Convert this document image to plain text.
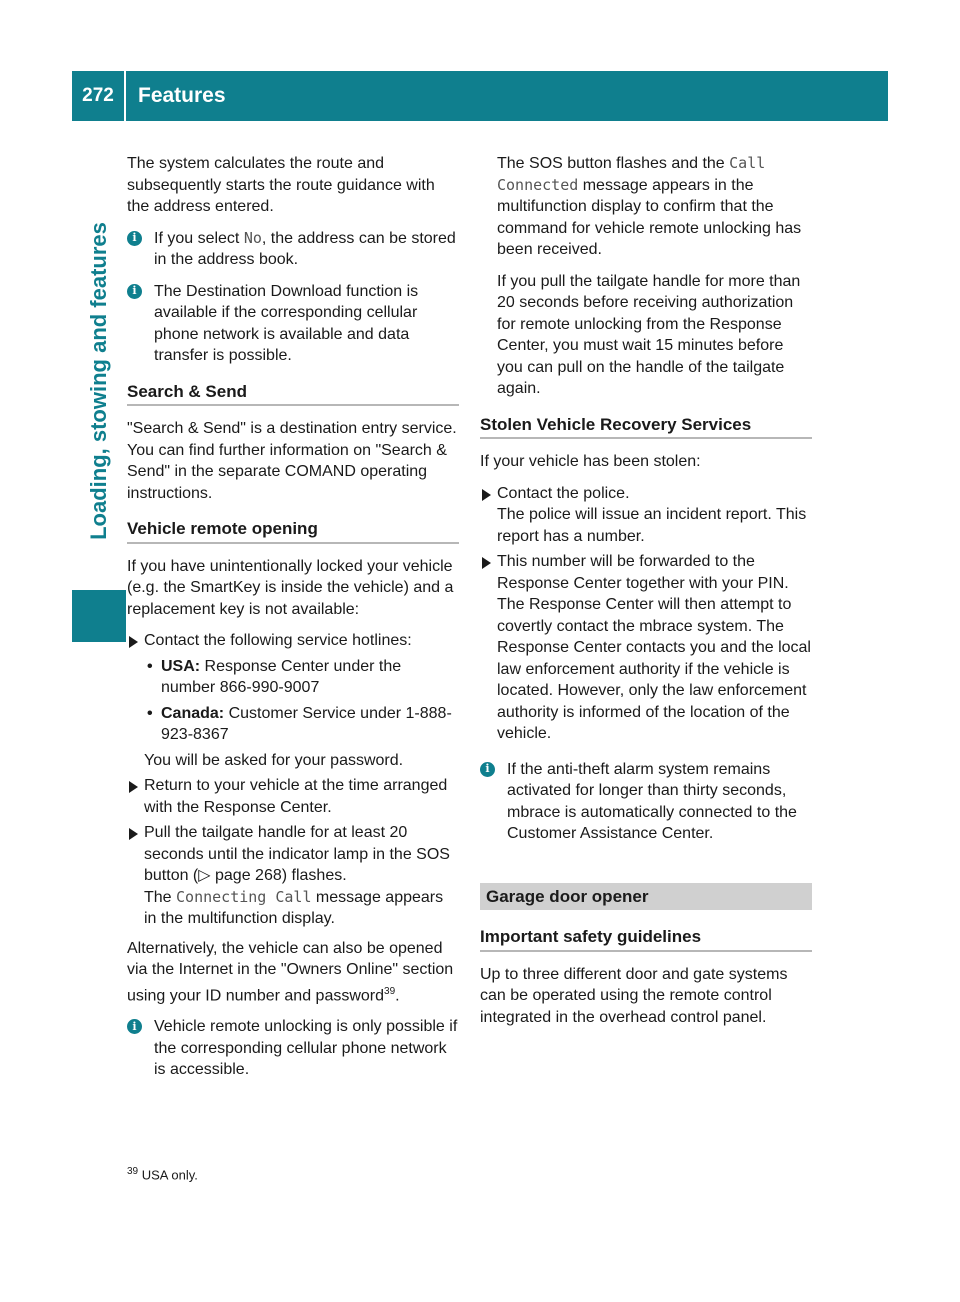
272	Features
Loading, stowing and features

The system calculates the route and subsequently starts the route guidance with the address entered.

i	If you select No, the address can be stored in the address book.
i	The Destination Download function is available if the corresponding cellular phone network is available and data transfer is possible.
Search & Send

"Search & Send" is a destination entry service. You can find further information on "Search & Send" in the separate COMAND operating instructions.

Vehicle remote opening

If you have unintentionally locked your vehicle (e.g. the SmartKey is inside the vehicle) and a replacement key is not available:

Contact the following service hotlines:
• USA: Response Center under the number 866-990-9007
• Canada: Customer Service under 1-888-923-8367
You will be asked for your password.
Return to your vehicle at the time arranged with the Response Center.
Pull the tailgate handle for at least 20 seconds until the indicator lamp in the SOS button (▷ page 268) flashes.
The Connecting Call message appears in the multifunction display.

Alternatively, the vehicle can also be opened via the Internet in the "Owners Online" section using your ID number and password$^{39}$.

i	Vehicle remote unlocking is only possible if the corresponding cellular phone network is accessible.

The SOS button flashes and the Call Connected message appears in the multifunction display to confirm that the command for vehicle remote unlocking has been received.

If you pull the tailgate handle for more than 20 seconds before receiving authorization for remote unlocking from the Response Center, you must wait 15 minutes before you can pull on the handle of the tailgate again.

Stolen Vehicle Recovery Services

If your vehicle has been stolen:

Contact the police.
The police will issue an incident report. This report has a number.
This number will be forwarded to the Response Center together with your PIN. The Response Center will then attempt to covertly contact the mbrace system. The Response Center contacts you and the local law enforcement authority if the vehicle is located. However, only the law enforcement authority is informed of the location of the vehicle.
i	If the anti-theft alarm system remains activated for longer than thirty seconds, mbrace is automatically connected to the Customer Assistance Center.
Garage door opener
Important safety guidelines

Up to three different door and gate systems can be operated using the remote control integrated in the overhead control panel.

$^{39}$ USA only.
